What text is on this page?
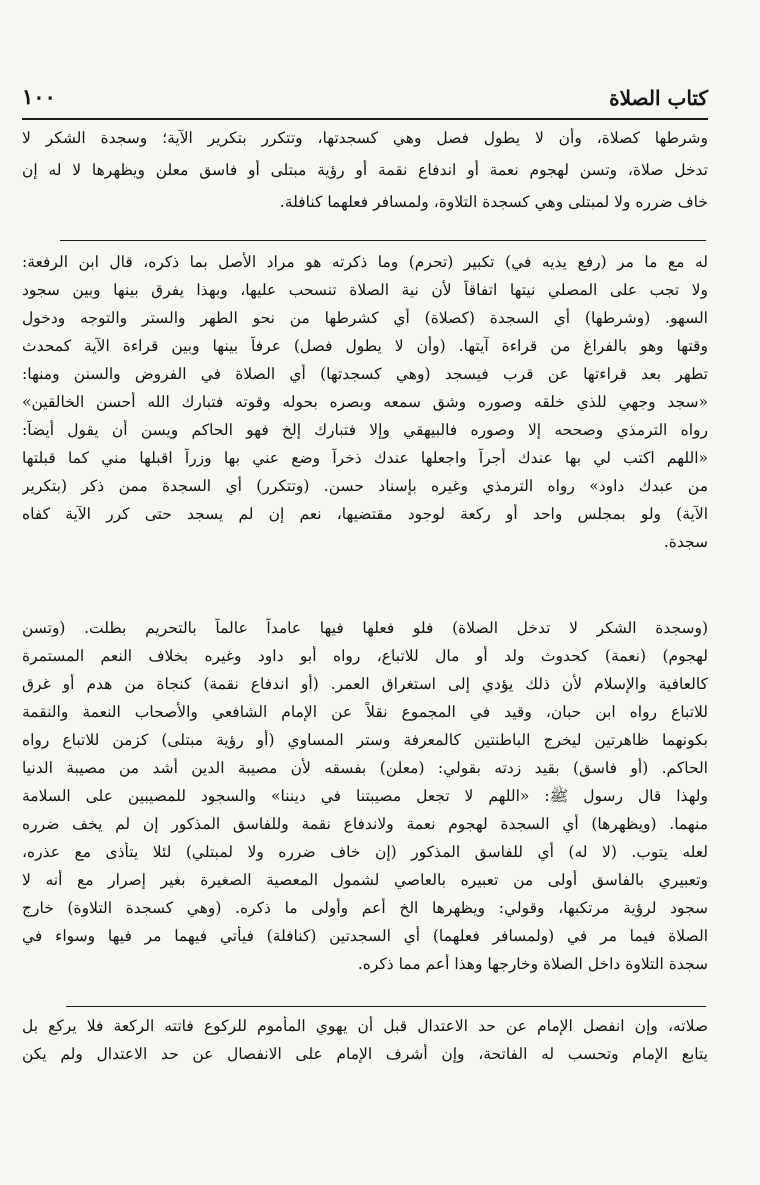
كتاب الصلاة
١٠٠
وشرطها كصلاة، وأن لا يطول فصل وهي كسجدتها، وتتكرر بتكرير الآية؛ وسجدة الشكر لا
تدخل صلاة، وتسن لهجوم نعمة أو اندفاع نقمة أو رؤية مبتلى أو فاسق معلن ويظهرها لا له إن
خاف ضرره ولا لمبتلى وهي كسجدة التلاوة، ولمسافر فعلهما كنافلة.
له مع ما مر (رفع يديه في) تكبير (تحرم) وما ذكرته هو مراد الأصل بما ذكره، قال ابن الرفعة:
ولا تجب على المصلي نيتها اتفاقاً لأن نية الصلاة تنسحب عليها، وبهذا يفرق بينها وبين سجود
السهو. (وشرطها) أي السجدة (كصلاة) أي كشرطها من نحو الطهر والستر والتوجه ودخول
وقتها وهو بالفراغ من قراءة آيتها. (وأن لا يطول فصل) عرفاً بينها وبين قراءة الآية كمحدث
تطهر بعد قراءتها عن قرب فيسجد (وهي كسجدتها) أي الصلاة في الفروض والسنن ومنها:
«سجد وجهي للذي خلقه وصوره وشق سمعه وبصره بحوله وقوته فتبارك الله أحسن الخالقين»
رواه الترمذي وصححه إلا وصوره فالبيهقي وإلا فتبارك إلخ فهو الحاكم ويسن أن يقول أيضاً:
«اللهم اكتب لي بها عندك أجراً واجعلها عندك ذخراً وضع عني بها وزراً اقبلها مني كما قبلتها
من عبدك داود» رواه الترمذي وغيره بإسناد حسن. (وتتكرر) أي السجدة ممن ذكر (بتكرير
الآية) ولو بمجلس واحد أو ركعة لوجود مقتضيها، نعم إن لم يسجد حتى كرر الآية كفاه
سجدة.
(وسجدة الشكر لا تدخل الصلاة) فلو فعلها فيها عامداً عالماً بالتحريم بطلت. (وتسن
لهجوم) (نعمة) كحدوث ولد أو مال للاتباع، رواه أبو داود وغيره بخلاف النعم المستمرة
كالعافية والإسلام لأن ذلك يؤدي إلى استغراق العمر. (أو اندفاع نقمة) كنجاة من هدم أو غرق
للاتباع رواه ابن حبان، وقيد في المجموع نقلاً عن الإمام الشافعي والأصحاب النعمة والنقمة
بكونهما ظاهرتين ليخرج الباطنتين كالمعرفة وستر المساوي (أو رؤية مبتلى) كزمن للاتباع رواه
الحاكم. (أو فاسق) بقيد زدته بقولي: (معلن) بفسقه لأن مصيبة الدين أشد من مصيبة الدنيا
ولهذا قال رسول ﷺ: «اللهم لا تجعل مصيبتنا في ديننا» والسجود للمصيبين على السلامة
منهما. (ويظهرها) أي السجدة لهجوم نعمة ولاندفاع نقمة وللفاسق المذكور إن لم يخف ضرره
لعله يتوب. (لا له) أي للفاسق المذكور (إن خاف ضرره ولا لمبتلي) لئلا يتأذى مع عذره،
وتعبيري بالفاسق أولى من تعبيره بالعاصي لشمول المعصية الصغيرة بغير إصرار مع أنه لا
سجود لرؤية مرتكبها، وقولي: ويظهرها الخ أعم وأولى ما ذكره. (وهي كسجدة التلاوة) خارج
الصلاة فيما مر في (ولمسافر فعلهما) أي السجدتين (كنافلة) فيأتي فيهما مر فيها وسواء في
سجدة التلاوة داخل الصلاة وخارجها وهذا أعم مما ذكره.
صلاته، وإن انفصل الإمام عن حد الاعتدال قبل أن يهوي المأموم للركوع فاتته الركعة فلا يركع بل
يتابع الإمام وتحسب له الفاتحة، وإن أشرف الإمام على الانفصال عن حد الاعتدال ولم يكن
